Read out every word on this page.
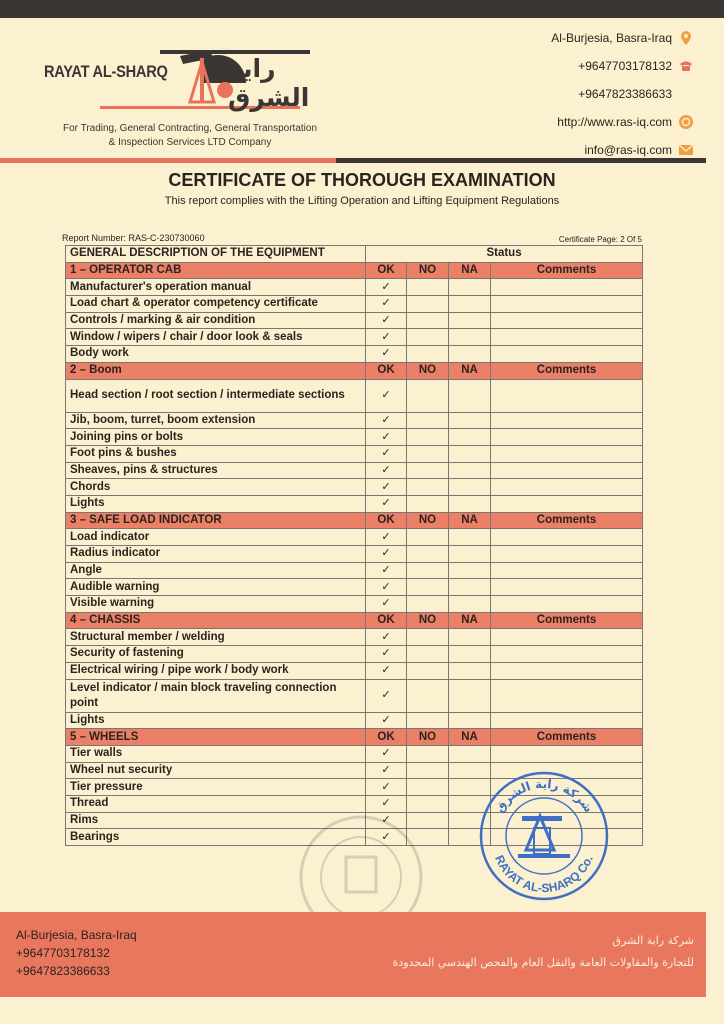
RAYAT AL-SHARQ راية الشرق
For Trading, General Contracting, General Transportation
& Inspection Services LTD Company
Al-Burjesia, Basra-Iraq
+9647703178132
+9647823386633
http://www.ras-iq.com
info@ras-iq.com
CERTIFICATE OF THOROUGH EXAMINATION
This report complies with the Lifting Operation and Lifting Equipment Regulations
Report Number: RAS-C-230730060	Certificate Page: 2 Of 5
GENERAL DESCRIPTION OF THE EQUIPMENT	Status			
1 – OPERATOR CAB	OK	NO	NA	Comments
Manufacturer's operation manual	✓			
Load chart & operator competency certificate	✓			
Controls / marking & air condition	✓			
Window / wipers / chair / door look & seals	✓			
Body work	✓			
2 – Boom	OK	NO	NA	Comments
Head section / root section / intermediate sections	✓			
Jib, boom, turret, boom extension	✓			
Joining pins or bolts	✓			
Foot pins & bushes	✓			
Sheaves, pins & structures	✓			
Chords	✓			
Lights	✓			
3 – SAFE LOAD INDICATOR	OK	NO	NA	Comments
Load indicator	✓			
Radius indicator	✓			
Angle	✓			
Audible warning	✓			
Visible warning	✓			
4 – CHASSIS	OK	NO	NA	Comments
Structural member / welding	✓			
Security of fastening	✓			
Electrical wiring / pipe work / body work	✓			
Level indicator / main block traveling connection point	✓			
Lights	✓			
5 – WHEELS	OK	NO	NA	Comments
Tier walls	✓			
Wheel nut security	✓			
Tier pressure	✓			
Thread	✓			
Rims	✓			
Bearings	✓			
شركة راية الشرق
RAYAT AL-SHARQ Co.
Al-Burjesia, Basra-Iraq
+9647703178132
+9647823386633
شركة راية الشرق
للتجارة والمقاولات العامة والنقل العام والفحص الهندسي المحدودة
